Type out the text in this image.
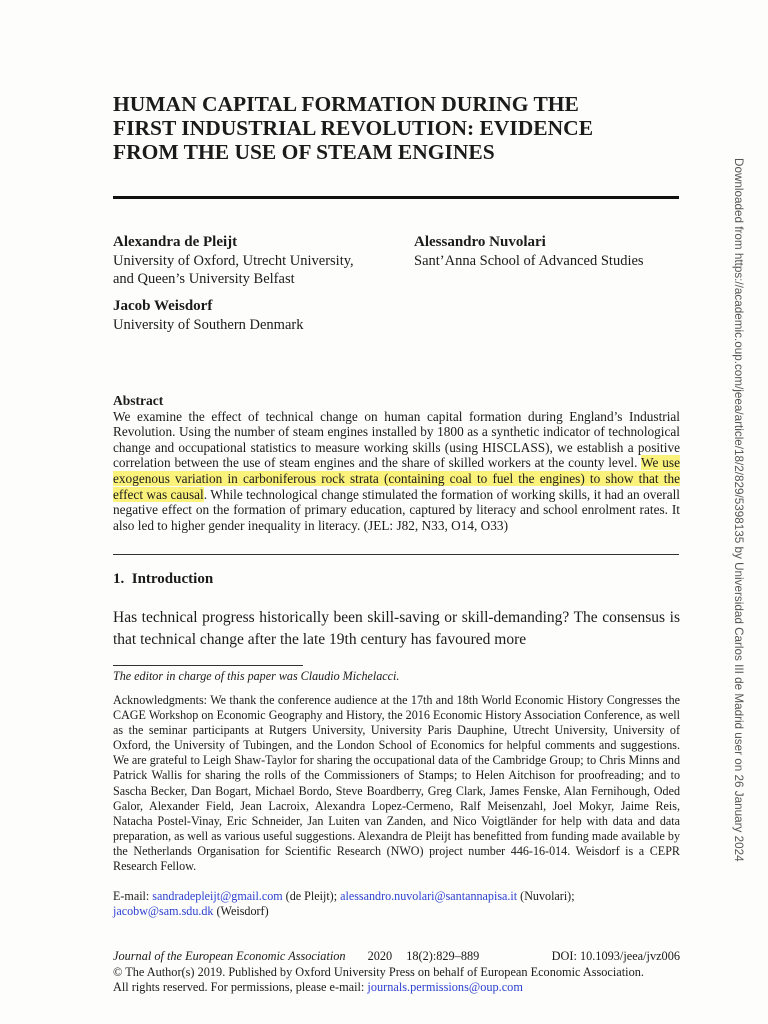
HUMAN CAPITAL FORMATION DURING THE
FIRST INDUSTRIAL REVOLUTION: EVIDENCE
FROM THE USE OF STEAM ENGINES
Alexandra de Pleijt
University of Oxford, Utrecht University,
and Queen’s University Belfast
Alessandro Nuvolari
Sant’Anna School of Advanced Studies
Jacob Weisdorf
University of Southern Denmark
Abstract

We examine the effect of technical change on human capital formation during England’s Industrial Revolution. Using the number of steam engines installed by 1800 as a synthetic indicator of technological change and occupational statistics to measure working skills (using HISCLASS), we establish a positive correlation between the use of steam engines and the share of skilled workers at the county level. We use exogenous variation in carboniferous rock strata (containing coal to fuel the engines) to show that the effect was causal. While technological change stimulated the formation of working skills, it had an overall negative effect on the formation of primary education, captured by literacy and school enrolment rates. It also led to higher gender inequality in literacy. (JEL: J82, N33, O14, O33)

1. Introduction

Has technical progress historically been skill-saving or skill-demanding? The consensus is that technical change after the late 19th century has favoured more

The editor in charge of this paper was Claudio Michelacci.

Acknowledgments: We thank the conference audience at the 17th and 18th World Economic History Congresses the CAGE Workshop on Economic Geography and History, the 2016 Economic History Association Conference, as well as the seminar participants at Rutgers University, University Paris Dauphine, Utrecht University, University of Oxford, the University of Tubingen, and the London School of Economics for helpful comments and suggestions. We are grateful to Leigh Shaw-Taylor for sharing the occupational data of the Cambridge Group; to Chris Minns and Patrick Wallis for sharing the rolls of the Commissioners of Stamps; to Helen Aitchison for proofreading; and to Sascha Becker, Dan Bogart, Michael Bordo, Steve Boardberry, Greg Clark, James Fenske, Alan Fernihough, Oded Galor, Alexander Field, Jean Lacroix, Alexandra Lopez-Cermeno, Ralf Meisenzahl, Joel Mokyr, Jaime Reis, Natacha Postel-Vinay, Eric Schneider, Jan Luiten van Zanden, and Nico Voigtländer for help with data and data preparation, as well as various useful suggestions. Alexandra de Pleijt has benefitted from funding made available by the Netherlands Organisation for Scientific Research (NWO) project number 446-16-014. Weisdorf is a CEPR Research Fellow.

E-mail: sandradepleijt@gmail.com (de Pleijt); alessandro.nuvolari@santannapisa.it (Nuvolari);
jacobw@sam.sdu.dk (Weisdorf)

Journal of the European Economic Association 2020 18(2):829–889	DOI: 10.1093/jeea/jvz006
© The Author(s) 2019. Published by Oxford University Press on behalf of European Economic Association.
All rights reserved. For permissions, please e-mail: journals.permissions@oup.com
Downloaded from https://academic.oup.com/jeea/article/18/2/829/5398135 by Universidad Carlos III de Madrid user on 26 January 2024
